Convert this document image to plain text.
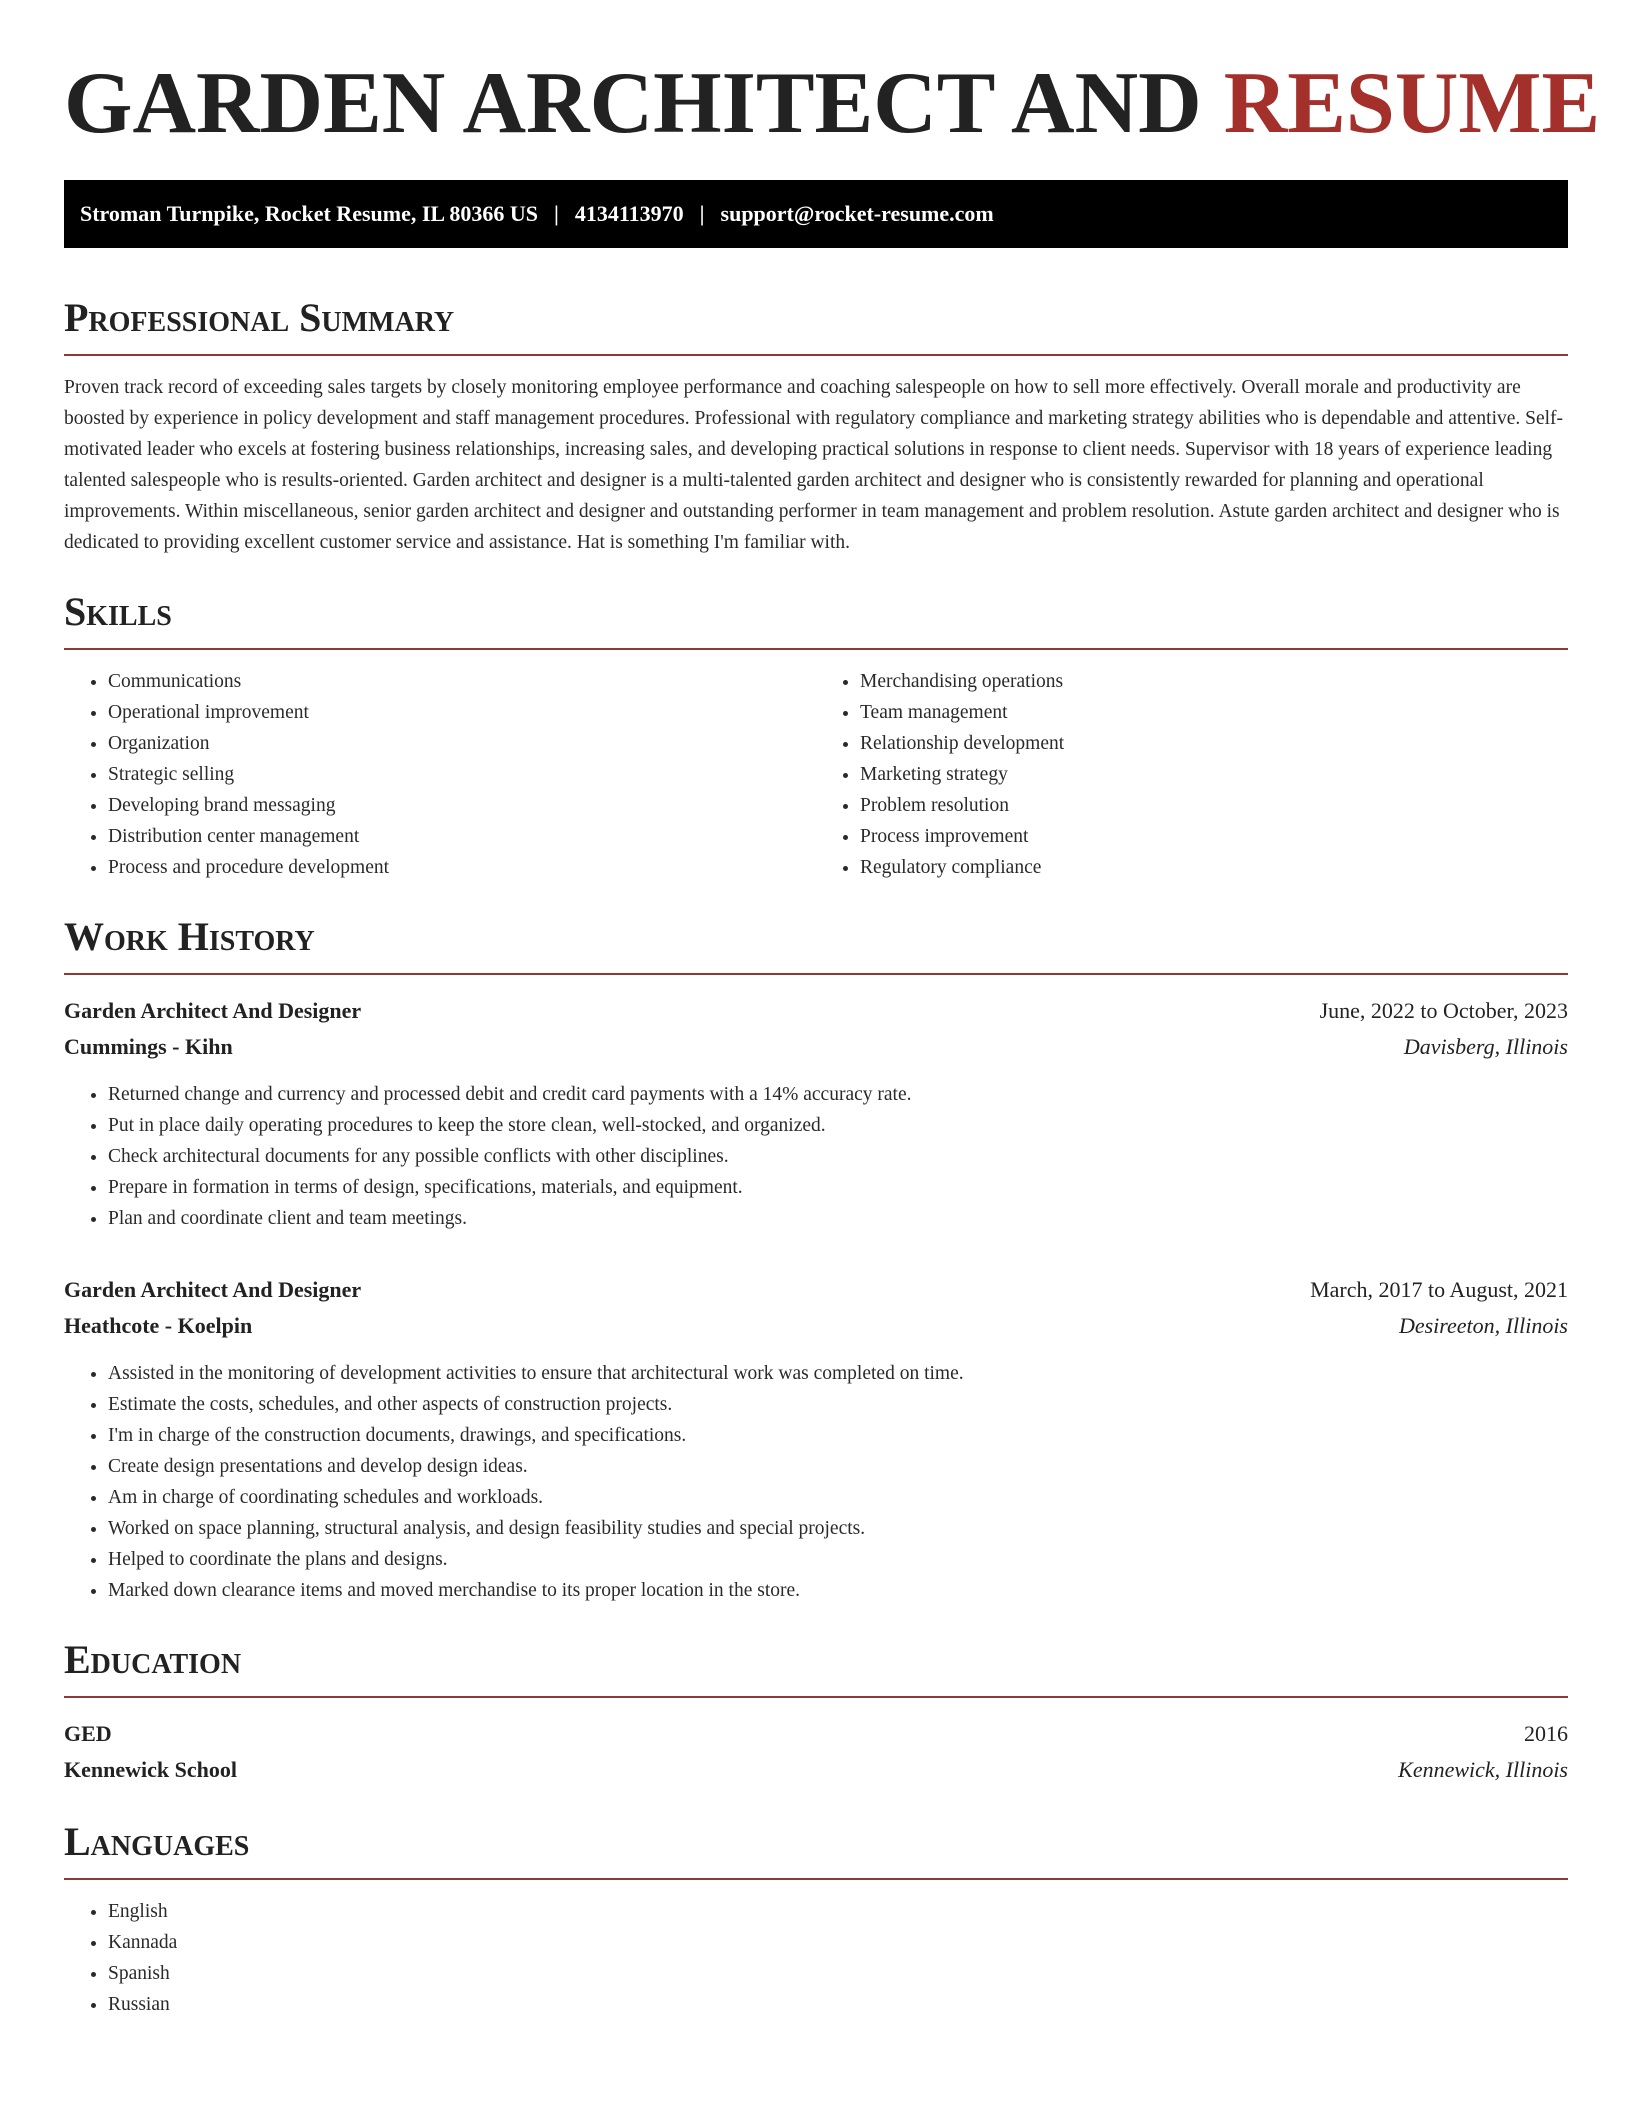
GARDEN ARCHITECT AND RESUME
Stroman Turnpike, Rocket Resume, IL 80366 US | 4134113970 | support@rocket-resume.com
Professional Summary

Proven track record of exceeding sales targets by closely monitoring employee performance and coaching salespeople on how to sell more effectively. Overall morale and productivity are boosted by experience in policy development and staff management procedures. Professional with regulatory compliance and marketing strategy abilities who is dependable and attentive. Self-motivated leader who excels at fostering business relationships, increasing sales, and developing practical solutions in response to client needs. Supervisor with 18 years of experience leading talented salespeople who is results-oriented. Garden architect and designer is a multi-talented garden architect and designer who is consistently rewarded for planning and operational improvements. Within miscellaneous, senior garden architect and designer and outstanding performer in team management and problem resolution. Astute garden architect and designer who is dedicated to providing excellent customer service and assistance. Hat is something I'm familiar with.

Skills
• Communications
• Operational improvement
• Organization
• Strategic selling
• Developing brand messaging
• Distribution center management
• Process and procedure development
• Merchandising operations
• Team management
• Relationship development
• Marketing strategy
• Problem resolution
• Process improvement
• Regulatory compliance
Work History
Garden Architect And Designer	June, 2022 to October, 2023
Cummings - Kihn	Davisberg, Illinois
• Returned change and currency and processed debit and credit card payments with a 14% accuracy rate.
• Put in place daily operating procedures to keep the store clean, well-stocked, and organized.
• Check architectural documents for any possible conflicts with other disciplines.
• Prepare in formation in terms of design, specifications, materials, and equipment.
• Plan and coordinate client and team meetings.
Garden Architect And Designer	March, 2017 to August, 2021
Heathcote - Koelpin	Desireeton, Illinois
• Assisted in the monitoring of development activities to ensure that architectural work was completed on time.
• Estimate the costs, schedules, and other aspects of construction projects.
• I'm in charge of the construction documents, drawings, and specifications.
• Create design presentations and develop design ideas.
• Am in charge of coordinating schedules and workloads.
• Worked on space planning, structural analysis, and design feasibility studies and special projects.
• Helped to coordinate the plans and designs.
• Marked down clearance items and moved merchandise to its proper location in the store.
Education
GED	2016
Kennewick School	Kennewick, Illinois
Languages
• English
• Kannada
• Spanish
• Russian
